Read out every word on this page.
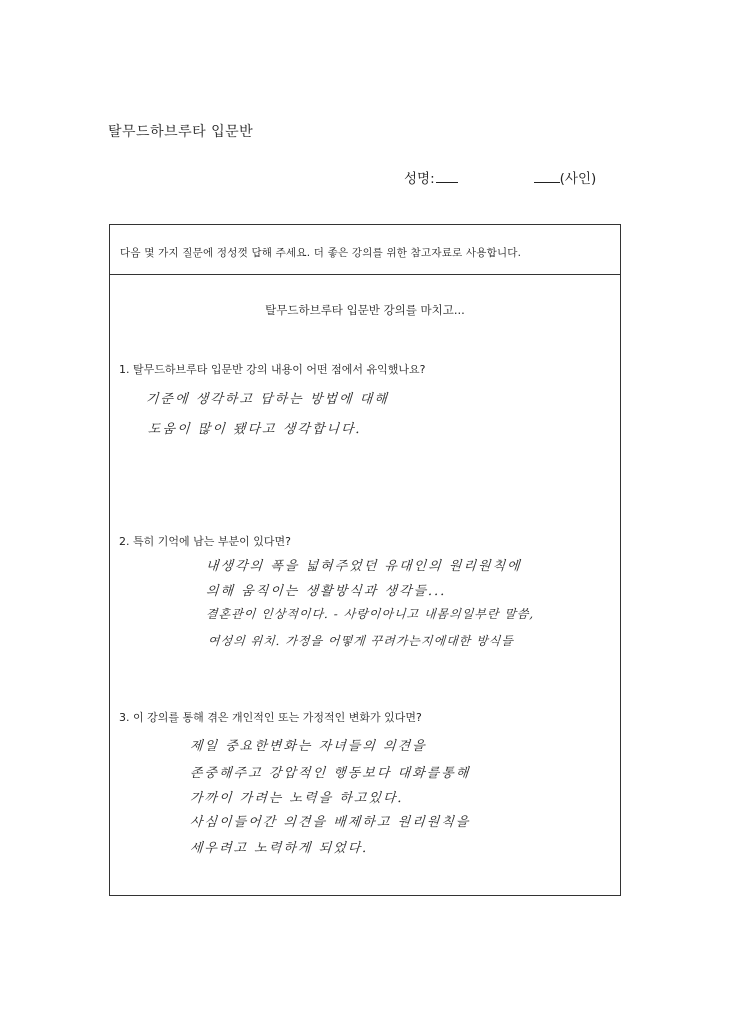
탈무드하브루타 입문반
성명:	(사인)
다음 몇 가지 질문에 정성껏 답해 주세요. 더 좋은 강의를 위한 참고자료로 사용합니다.
탈무드하브루타 입문반 강의를 마치고...
1. 탈무드하브루타 입문반 강의 내용이 어떤 점에서 유익했나요?
기준에 생각하고 답하는 방법에 대해
도움이 많이 됐다고 생각합니다.
2. 특히 기억에 남는 부분이 있다면?
내생각의 폭을 넓혀주었던 유대인의 원리원칙에
의해 움직이는 생활방식과 생각들...
결혼관이 인상적이다. - 사랑이아니고 내몸의일부란 말씀,
여성의 위치. 가정을 어떻게 꾸려가는지에대한 방식들
3. 이 강의를 통해 겪은 개인적인 또는 가정적인 변화가 있다면?
제일 중요한변화는 자녀들의 의견을
존중해주고 강압적인 행동보다 대화를통해
가까이 가려는 노력을 하고있다.
사심이들어간 의견을 배제하고 원리원칙을
세우려고 노력하게 되었다.
